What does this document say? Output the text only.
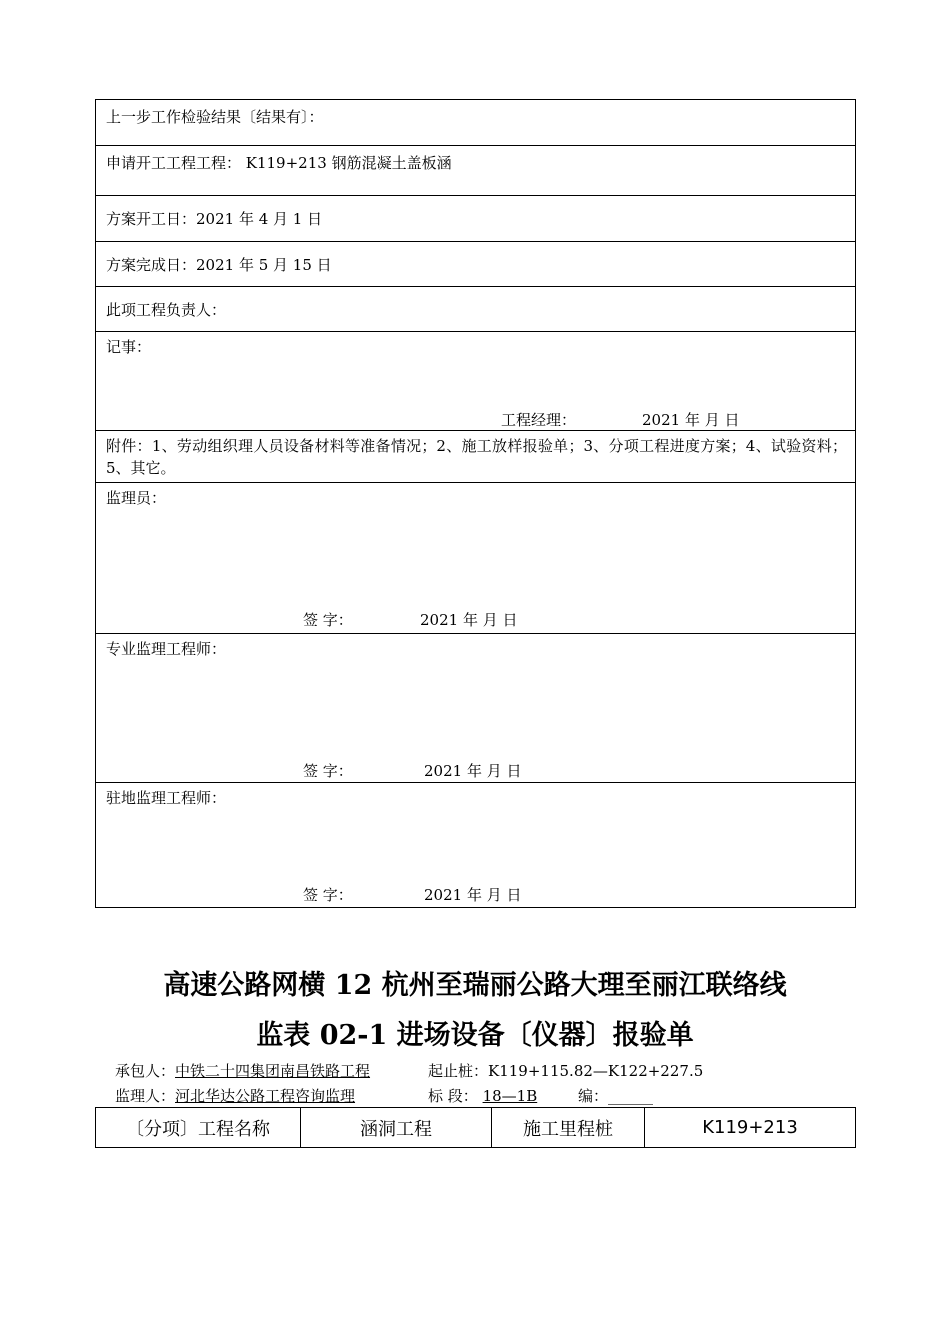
上一步工作检验结果〔结果有〕：
申请开工工程工程： K119+213 钢筋混凝土盖板涵
方案开工日：2021 年 4 月 1 日
方案完成日：2021 年 5 月 15 日
此项工程负责人：
记事：
工程经理：	2021 年 月 日
附件：1、劳动组织理人员设备材料等准备情况；2、施工放样报验单；3、分项工程进度方案；4、试验资料；5、其它。
监理员：
签 字：	2021 年 月 日
专业监理工程师：
签 字：	2021 年 月 日
驻地监理工程师：
签 字：	2021 年 月 日
高速公路网横 12 杭州至瑞丽公路大理至丽江联络线
监表 02-1 进场设备〔仪器〕报验单
承包人：中铁二十四集团南昌铁路工程	起止桩：K119+115.82—K122+227.5
监理人：河北华达公路工程咨询监理	标 段： 18—1B	编：______
〔分项〕工程名称	涵洞工程	施工里程桩	K119+213
